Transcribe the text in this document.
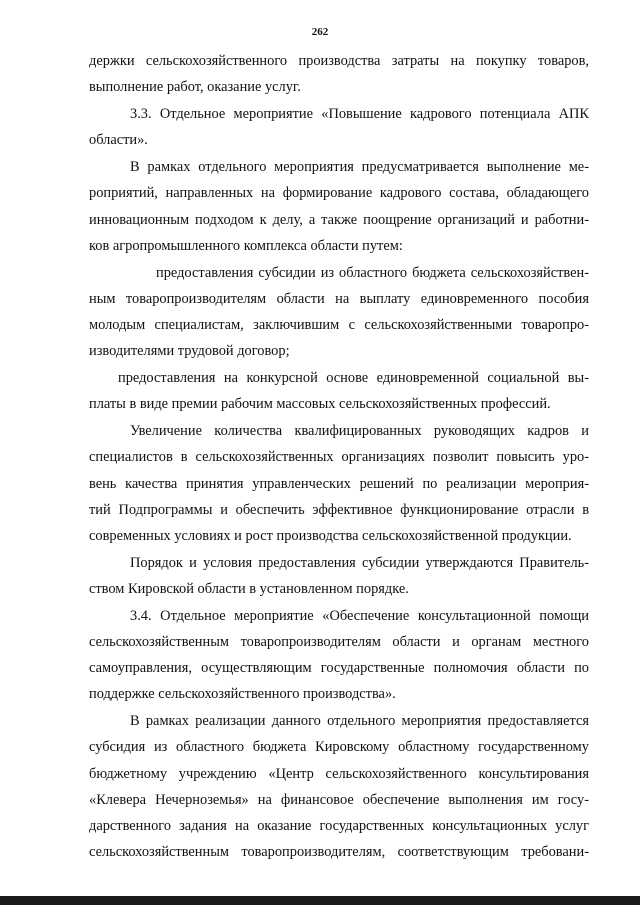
262
держки сельскохозяйственного производства затраты на покупку товаров,
выполнение работ, оказание услуг.
3.3. Отдельное мероприятие «Повышение кадрового потенциала АПК
области».
В рамках отдельного мероприятия предусматривается выполнение ме-
роприятий, направленных на формирование кадрового состава, обладающего
инновационным подходом к делу, а также поощрение организаций и работни-
ков агропромышленного комплекса области путем:
предоставления субсидии из областного бюджета сельскохозяйствен-
ным товаропроизводителям области на выплату единовременного пособия
молодым специалистам, заключившим с сельскохозяйственными товаропро-
изводителями трудовой договор;
предоставления на конкурсной основе единовременной социальной вы-
платы в виде премии рабочим массовых сельскохозяйственных профессий.
Увеличение количества квалифицированных руководящих кадров и
специалистов в сельскохозяйственных организациях позволит повысить уро-
вень качества принятия управленческих решений по реализации мероприя-
тий Подпрограммы и обеспечить эффективное функционирование отрасли в
современных условиях и рост производства сельскохозяйственной продукции.
Порядок и условия предоставления субсидии утверждаются Правитель-
ством Кировской области в установленном порядке.
3.4. Отдельное мероприятие «Обеспечение консультационной помощи
сельскохозяйственным товаропроизводителям области и органам местного
самоуправления, осуществляющим государственные полномочия области по
поддержке сельскохозяйственного производства».
В рамках реализации данного отдельного мероприятия предоставляется
субсидия из областного бюджета Кировскому областному государственному
бюджетному учреждению «Центр сельскохозяйственного консультирования
«Клевера Нечерноземья» на финансовое обеспечение выполнения им госу-
дарственного задания на оказание государственных консультационных услуг
сельскохозяйственным товаропроизводителям, соответствующим требовани-
